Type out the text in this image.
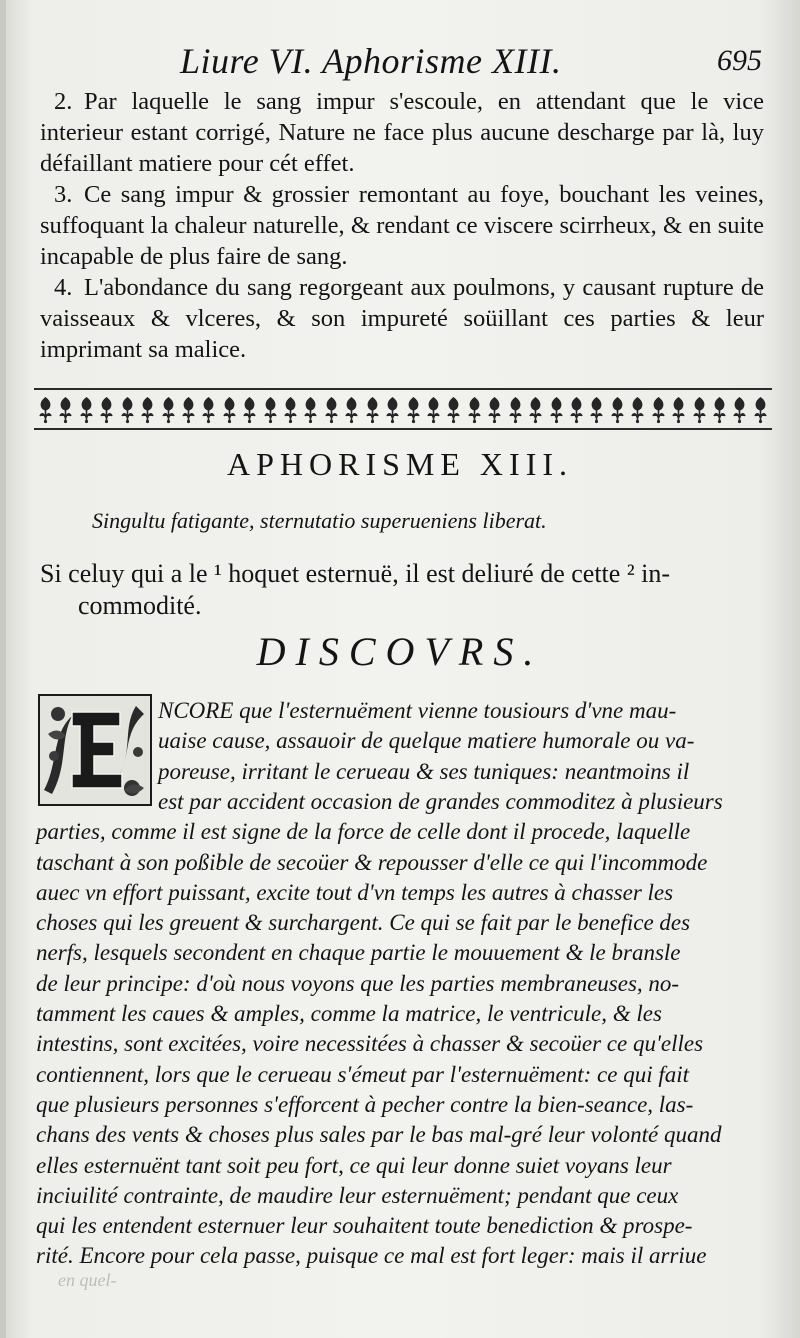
Liure VI. Aphorisme XIII.	695
2. Par laquelle le sang impur s'escoule, en attendant que le vice interieur estant corrigé, Nature ne face plus aucune descharge par là, luy défaillant matiere pour cét effet.
3. Ce sang impur & grossier remontant au foye, bouchant les veines, suffoquant la chaleur naturelle, & rendant ce viscere scirrheux, & en suite incapable de plus faire de sang.
4. L'abondance du sang regorgeant aux poulmons, y causant rupture de vaisseaux & vlceres, & son impureté soüillant ces parties & leur imprimant sa malice.
APHORISME XIII.
Singultu fatigante, sternutatio superueniens liberat.
Si celuy qui a le ¹ hoquet esternuë, il est deliuré de cette ² in-
commodité.
DISCOVRS.
NCORE que l'esternuëment vienne tousiours d'vne mau-
uaise cause, assauoir de quelque matiere humorale ou va-
poreuse, irritant le cerueau & ses tuniques: neantmoins il
est par accident occasion de grandes commoditez à plusieurs
parties, comme il est signe de la force de celle dont il procede, laquelle
taschant à son poßible de secoüer & repousser d'elle ce qui l'incommode
auec vn effort puissant, excite tout d'vn temps les autres à chasser les
choses qui les greuent & surchargent. Ce qui se fait par le benefice des
nerfs, lesquels secondent en chaque partie le mouuement & le bransle
de leur principe: d'où nous voyons que les parties membraneuses, no-
tamment les caues & amples, comme la matrice, le ventricule, & les
intestins, sont excitées, voire necessitées à chasser & secoüer ce qu'elles
contiennent, lors que le cerueau s'émeut par l'esternuëment: ce qui fait
que plusieurs personnes s'efforcent à pecher contre la bien-seance, las-
chans des vents & choses plus sales par le bas mal-gré leur volonté quand
elles esternuënt tant soit peu fort, ce qui leur donne suiet voyans leur
inciuilité contrainte, de maudire leur esternuëment; pendant que ceux
qui les entendent esternuer leur souhaitent toute benediction & prospe-
rité. Encore pour cela passe, puisque ce mal est fort leger: mais il arriue
en quel-
